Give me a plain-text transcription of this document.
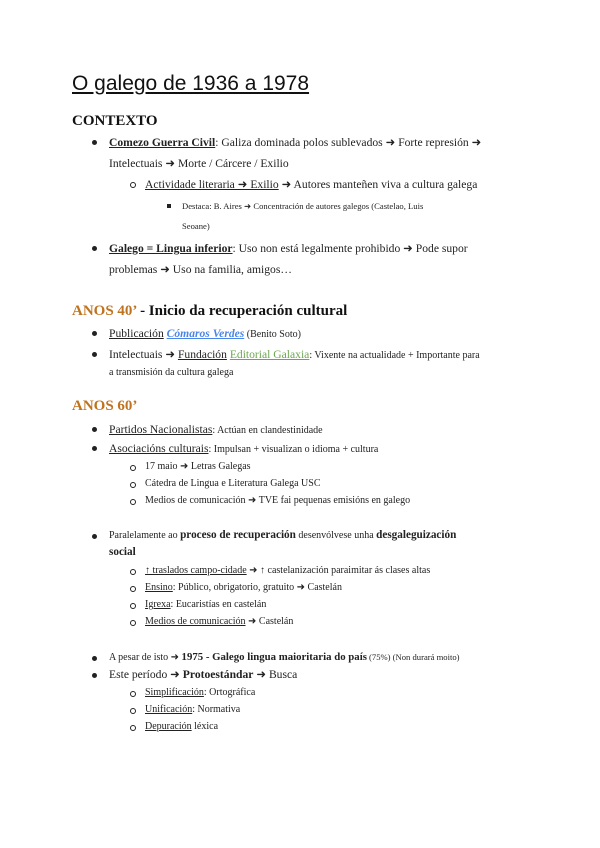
O galego de 1936 a 1978
CONTEXTO
Comezo Guerra Civil: Galiza dominada polos sublevados ➜ Forte represión ➜
Intelectuais ➜ Morte / Cárcere / Exilio
Actividade literaria ➜ Exilio ➜ Autores manteñen viva a cultura galega
Destaca: B. Aires ➜ Concentración de autores galegos (Castelao, Luis
Seoane)
Galego = Lingua inferior: Uso non está legalmente prohibido ➜ Pode supor
problemas ➜ Uso na familia, amigos…
ANOS 40’ - Inicio da recuperación cultural
Publicación Cómaros Verdes (Benito Soto)
Intelectuais ➜ Fundación Editorial Galaxia: Vixente na actualidade + Importante para
a transmisión da cultura galega
ANOS 60’
Partidos Nacionalistas: Actúan en clandestinidade
Asociacións culturais: Impulsan + visualizan o idioma + cultura
17 maio ➜ Letras Galegas
Cátedra de Lingua e Literatura Galega USC
Medios de comunicación ➜ TVE fai pequenas emisións en galego
Paralelamente ao proceso de recuperación desenvólvese unha desgaleguización
social
↑ traslados campo-cidade ➜ ↑ castelanización paraimitar ás clases altas
Ensino: Público, obrigatorio, gratuito ➜ Castelán
Igrexa: Eucaristías en castelán
Medios de comunicación ➜ Castelán
A pesar de isto ➜ 1975 - Galego lingua maioritaria do país (75%) (Non durará moito)
Este período ➜ Protoestándar ➜ Busca
Simplificación: Ortográfica
Unificación: Normativa
Depuración léxica
